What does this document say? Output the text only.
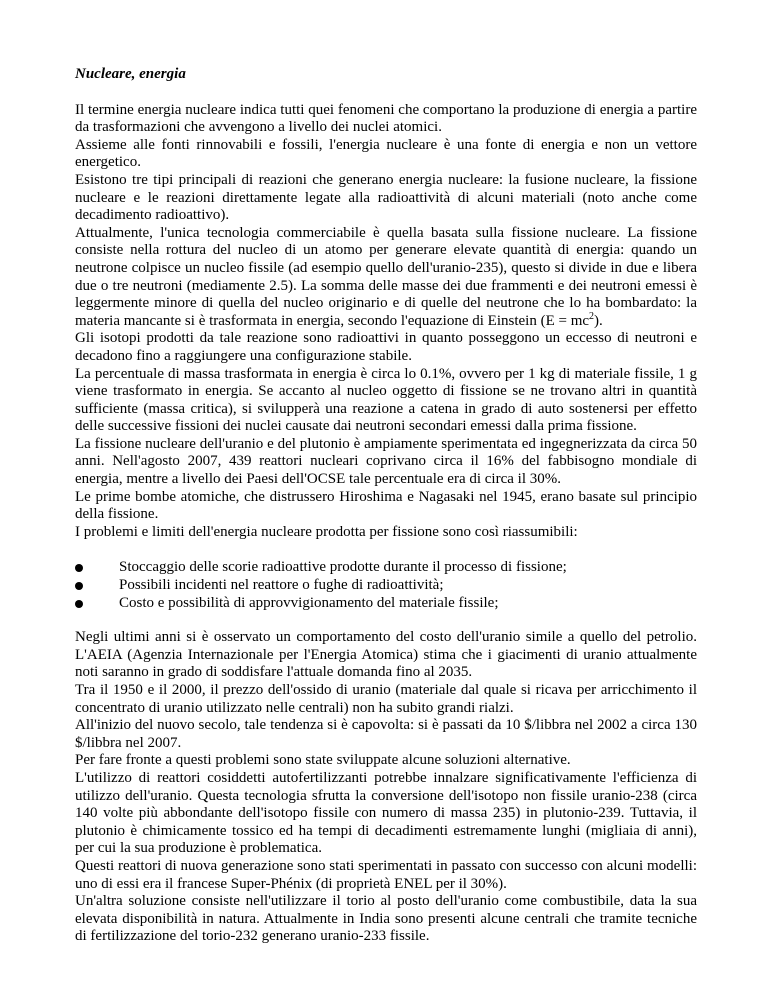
Nucleare, energia

Il termine energia nucleare indica tutti quei fenomeni che comportano la produzione di energia a partire da trasformazioni che avvengono a livello dei nuclei atomici.

Assieme alle fonti rinnovabili e fossili, l'energia nucleare è una fonte di energia e non un vettore energetico.

Esistono tre tipi principali di reazioni che generano energia nucleare: la fusione nucleare, la fissione nucleare e le reazioni direttamente legate alla radioattività di alcuni materiali (noto anche come decadimento radioattivo).

Attualmente, l'unica tecnologia commerciabile è quella basata sulla fissione nucleare. La fissione consiste nella rottura del nucleo di un atomo per generare elevate quantità di energia: quando un neutrone colpisce un nucleo fissile (ad esempio quello dell'uranio-235), questo si divide in due e libera due o tre neutroni (mediamente 2.5). La somma delle masse dei due frammenti e dei neutroni emessi è leggermente minore di quella del nucleo originario e di quelle del neutrone che lo ha bombardato: la materia mancante si è trasformata in energia, secondo l'equazione di Einstein $(E = mc^2)$.

Gli isotopi prodotti da tale reazione sono radioattivi in quanto posseggono un eccesso di neutroni e decadono fino a raggiungere una configurazione stabile.

La percentuale di massa trasformata in energia è circa lo 0.1%, ovvero per 1 kg di materiale fissile, 1 g viene trasformato in energia. Se accanto al nucleo oggetto di fissione se ne trovano altri in quantità sufficiente (massa critica), si svilupperà una reazione a catena in grado di auto sostenersi per effetto delle successive fissioni dei nuclei causate dai neutroni secondari emessi dalla prima fissione.

La fissione nucleare dell'uranio e del plutonio è ampiamente sperimentata ed ingegnerizzata da circa 50 anni. Nell'agosto 2007, 439 reattori nucleari coprivano circa il 16% del fabbisogno mondiale di energia, mentre a livello dei Paesi dell'OCSE tale percentuale era di circa il 30%.

Le prime bombe atomiche, che distrussero Hiroshima e Nagasaki nel 1945, erano basate sul principio della fissione.

I problemi e limiti dell'energia nucleare prodotta per fissione sono così riassumibili:

Stoccaggio delle scorie radioattive prodotte durante il processo di fissione;
Possibili incidenti nel reattore o fughe di radioattività;
Costo e possibilità di approvvigionamento del materiale fissile;

Negli ultimi anni si è osservato un comportamento del costo dell'uranio simile a quello del petrolio. L'AEIA (Agenzia Internazionale per l'Energia Atomica) stima che i giacimenti di uranio attualmente noti saranno in grado di soddisfare l'attuale domanda fino al 2035.

Tra il 1950 e il 2000, il prezzo dell'ossido di uranio (materiale dal quale si ricava per arricchimento il concentrato di uranio utilizzato nelle centrali) non ha subito grandi rialzi.

All'inizio del nuovo secolo, tale tendenza si è capovolta: si è passati da 10 $/libbra nel 2002 a circa 130 $/libbra nel 2007.

Per fare fronte a questi problemi sono state sviluppate alcune soluzioni alternative.

L'utilizzo di reattori cosiddetti autofertilizzanti potrebbe innalzare significativamente l'efficienza di utilizzo dell'uranio. Questa tecnologia sfrutta la conversione dell'isotopo non fissile uranio-238 (circa 140 volte più abbondante dell'isotopo fissile con numero di massa 235) in plutonio-239. Tuttavia, il plutonio è chimicamente tossico ed ha tempi di decadimenti estremamente lunghi (migliaia di anni), per cui la sua produzione è problematica.

Questi reattori di nuova generazione sono stati sperimentati in passato con successo con alcuni modelli: uno di essi era il francese Super-Phénix (di proprietà ENEL per il 30%).

Un'altra soluzione consiste nell'utilizzare il torio al posto dell'uranio come combustibile, data la sua elevata disponibilità in natura. Attualmente in India sono presenti alcune centrali che tramite tecniche di fertilizzazione del torio-232 generano uranio-233 fissile.
